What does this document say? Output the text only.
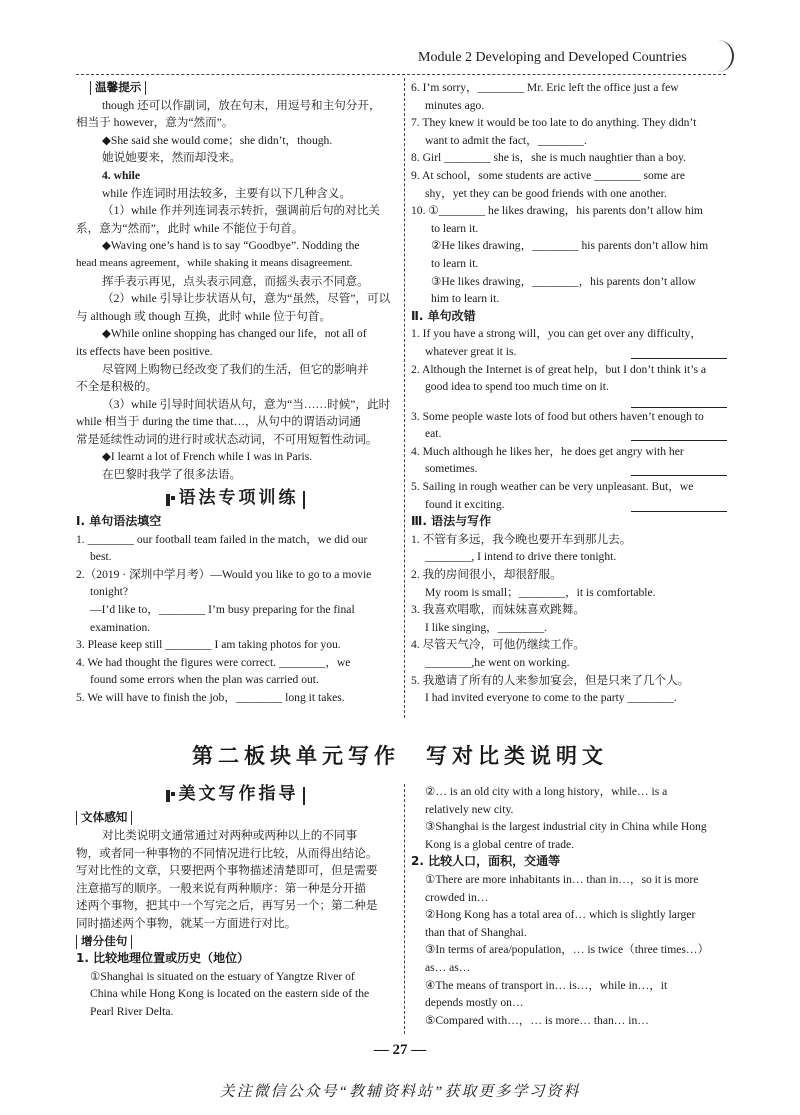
Module 2 Developing and Developed Countries
温馨提示
though 还可以作副词，放在句末，用逗号和主句分开，
相当于 however，意为“然而”。
◆She said she would come；she didn’t，though.
她说她要来，然而却没来。
4. while
while 作连词时用法较多，主要有以下几种含义。
（1）while 作并列连词表示转折，强调前后句的对比关
系，意为“然而”，此时 while 不能位于句首。
◆Waving one’s hand is to say “Goodbye”. Nodding the
head means agreement，while shaking it means disagreement.
挥手表示再见，点头表示同意，而摇头表示不同意。
（2）while 引导让步状语从句，意为“虽然，尽管”，可以
与 although 或 though 互换，此时 while 位于句首。
◆While online shopping has changed our life，not all of
its effects have been positive.
尽管网上购物已经改变了我们的生活，但它的影响并
不全是积极的。
（3）while 引导时间状语从句，意为“当……时候”，此时
while 相当于 during the time that…，从句中的谓语动词通
常是延续性动词的进行时或状态动词，不可用短暂性动词。
◆I learnt a lot of French while I was in Paris.
在巴黎时我学了很多法语。
语法专项训练
Ⅰ. 单句语法填空
1. ________ our football team failed in the match，we did our
best.
2.（2019 · 深圳中学月考）—Would you like to go to a movie
tonight?
—I’d like to，________ I’m busy preparing for the final
examination.
3. Please keep still ________ I am taking photos for you.
4. We had thought the figures were correct. ________，we
found some errors when the plan was carried out.
5. We will have to finish the job，________ long it takes.
6. I’m sorry，________ Mr. Eric left the office just a few
minutes ago.
7. They knew it would be too late to do anything. They didn’t
want to admit the fact，________.
8. Girl ________ she is，she is much naughtier than a boy.
9. At school，some students are active ________ some are
shy，yet they can be good friends with one another.
10. ①________ he likes drawing，his parents don’t allow him
to learn it.
②He likes drawing，________ his parents don’t allow him
to learn it.
③He likes drawing，________，his parents don’t allow
him to learn it.
Ⅱ. 单句改错
1. If you have a strong will，you can get over any difficulty，
whatever great it is.
2. Although the Internet is of great help，but I don’t think it’s a
good idea to spend too much time on it.
3. Some people waste lots of food but others haven’t enough to
eat.
4. Much although he likes her，he does get angry with her
sometimes.
5. Sailing in rough weather can be very unpleasant. But，we
found it exciting.
Ⅲ. 语法与写作
1. 不管有多远，我今晚也要开车到那儿去。
________, I intend to drive there tonight.
2. 我的房间很小，却很舒服。
My room is small；________，it is comfortable.
3. 我喜欢唱歌，而妹妹喜欢跳舞。
I like singing，________.
4. 尽管天气冷，可他仍继续工作。
________,he went on working.
5. 我邀请了所有的人来参加宴会，但是只来了几个人。
I had invited everyone to come to the party ________.
第二板块单元写作　写对比类说明文
美文写作指导
文体感知
对比类说明文通常通过对两种或两种以上的不同事
物，或者同一种事物的不同情况进行比较，从而得出结论。
写对比性的文章，只要把两个事物描述清楚即可，但是需要
注意描写的顺序。一般来说有两种顺序：第一种是分开描
述两个事物，把其中一个写完之后，再写另一个；第二种是
同时描述两个事物，就某一方面进行对比。
增分佳句
1. 比较地理位置或历史（地位）
①Shanghai is situated on the estuary of Yangtze River of
China while Hong Kong is located on the eastern side of the
Pearl River Delta.
②… is an old city with a long history，while… is a
relatively new city.
③Shanghai is the largest industrial city in China while Hong
Kong is a global centre of trade.
2. 比较人口，面积，交通等
①There are more inhabitants in… than in…，so it is more
crowded in…
②Hong Kong has a total area of… which is slightly larger
than that of Shanghai.
③In terms of area/population，… is twice（three times…）
as… as…
④The means of transport in… is…，while in…，it
depends mostly on…
⑤Compared with…，… is more… than… in…
— 27 —
关注微信公众号“教辅资料站”获取更多学习资料
